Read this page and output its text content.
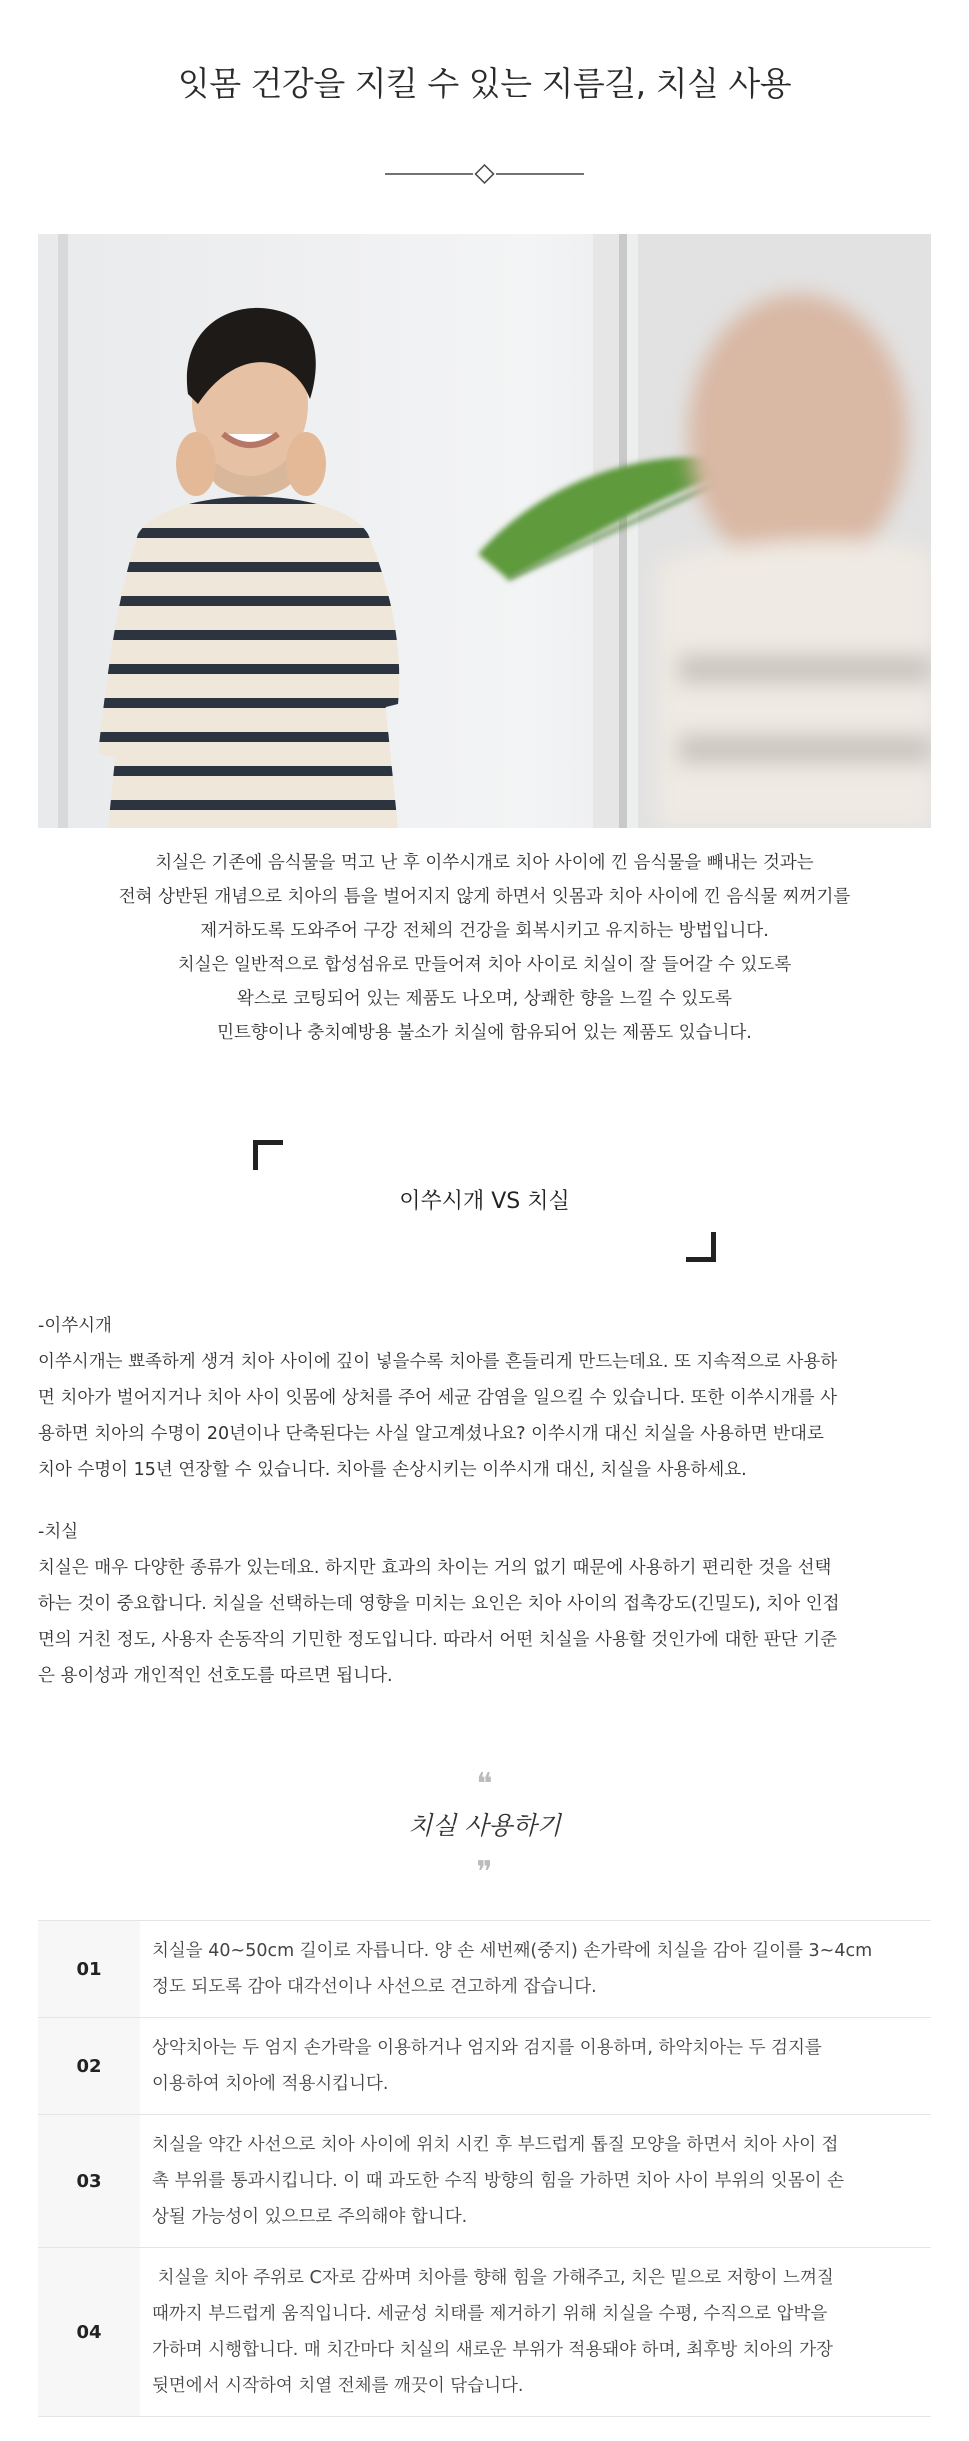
잇몸 건강을 지킬 수 있는 지름길, 치실 사용

치실은 기존에 음식물을 먹고 난 후 이쑤시개로 치아 사이에 낀 음식물을 빼내는 것과는

전혀 상반된 개념으로 치아의 틈을 벌어지지 않게 하면서 잇몸과 치아 사이에 낀 음식물 찌꺼기를

제거하도록 도와주어 구강 전체의 건강을 회복시키고 유지하는 방법입니다.

치실은 일반적으로 합성섬유로 만들어져 치아 사이로 치실이 잘 들어갈 수 있도록

왁스로 코팅되어 있는 제품도 나오며, 상쾌한 향을 느낄 수 있도록

민트향이나 충치예방용 불소가 치실에 함유되어 있는 제품도 있습니다.

이쑤시개 VS 치실
-이쑤시개

이쑤시개는 뾰족하게 생겨 치아 사이에 깊이 넣을수록 치아를 흔들리게 만드는데요. 또 지속적으로 사용하

면 치아가 벌어지거나 치아 사이 잇몸에 상처를 주어 세균 감염을 일으킬 수 있습니다. 또한 이쑤시개를 사

용하면 치아의 수명이 20년이나 단축된다는 사실 알고계셨나요? 이쑤시개 대신 치실을 사용하면 반대로

치아 수명이 15년 연장할 수 있습니다. 치아를 손상시키는 이쑤시개 대신, 치실을 사용하세요.

-치실

치실은 매우 다양한 종류가 있는데요. 하지만 효과의 차이는 거의 없기 때문에 사용하기 편리한 것을 선택

하는 것이 중요합니다. 치실을 선택하는데 영향을 미치는 요인은 치아 사이의 접촉강도(긴밀도), 치아 인접

면의 거친 정도, 사용자 손동작의 기민한 정도입니다. 따라서 어떤 치실을 사용할 것인가에 대한 판단 기준

은 용이성과 개인적인 선호도를 따르면 됩니다.

❝
치실 사용하기
❞
01	치실을 40~50cm 길이로 자릅니다. 양 손 세번째(중지) 손가락에 치실을 감아 길이를 3~4cm
정도 되도록 감아 대각선이나 사선으로 견고하게 잡습니다.

02	상악치아는 두 엄지 손가락을 이용하거나 엄지와 검지를 이용하며, 하악치아는 두 검지를
이용하여 치아에 적용시킵니다.

03	치실을 약간 사선으로 치아 사이에 위치 시킨 후 부드럽게 톱질 모양을 하면서 치아 사이 접
촉 부위를 통과시킵니다. 이 때 과도한 수직 방향의 힘을 가하면 치아 사이 부위의 잇몸이 손
상될 가능성이 있으므로 주의해야 합니다.

04	치실을 치아 주위로 C자로 감싸며 치아를 향해 힘을 가해주고, 치은 밑으로 저항이 느껴질
때까지 부드럽게 움직입니다. 세균성 치태를 제거하기 위해 치실을 수평, 수직으로 압박을
가하며 시행합니다. 매 치간마다 치실의 새로운 부위가 적용돼야 하며, 최후방 치아의 가장
뒷면에서 시작하여 치열 전체를 깨끗이 닦습니다.
